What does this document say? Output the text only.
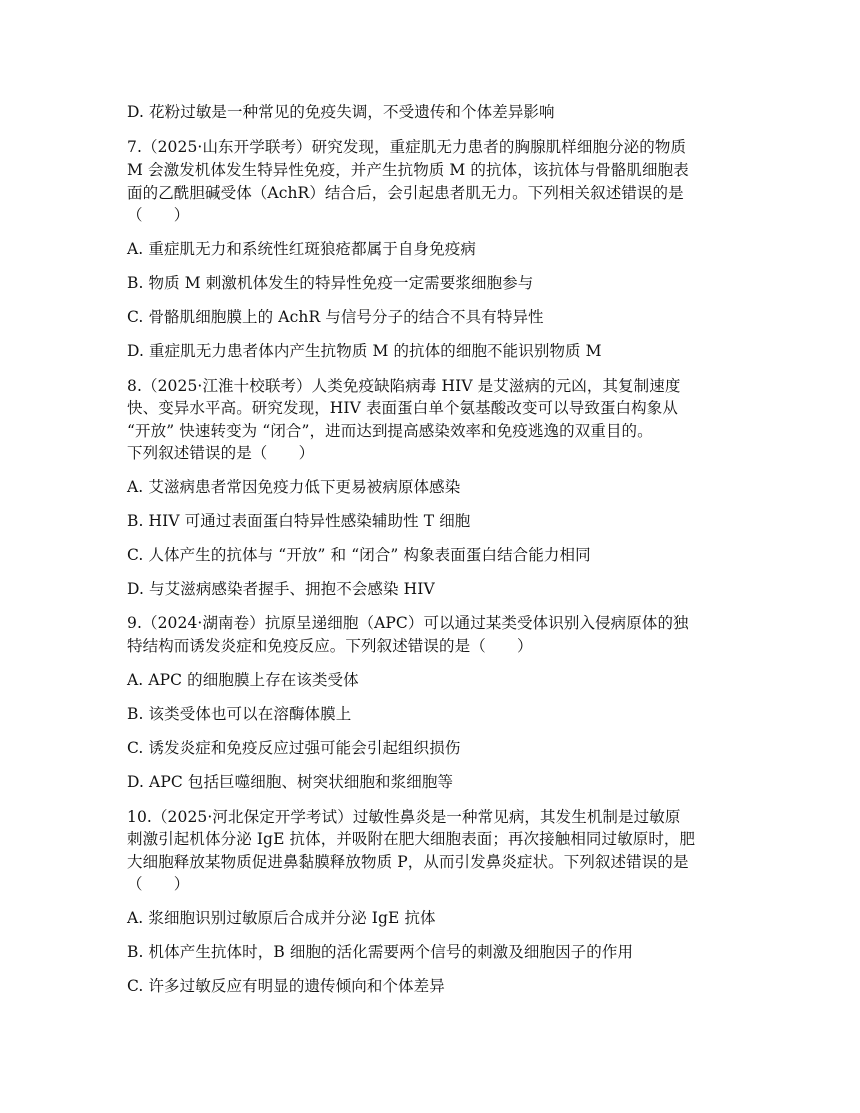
D. 花粉过敏是一种常见的免疫失调，不受遗传和个体差异影响
7.（2025·山东开学联考）研究发现，重症肌无力患者的胸腺肌样细胞分泌的物质
M 会激发机体发生特异性免疫，并产生抗物质 M 的抗体，该抗体与骨骼肌细胞表
面的乙酰胆碱受体（AchR）结合后，会引起患者肌无力。下列相关叙述错误的是
（　　）
A. 重症肌无力和系统性红斑狼疮都属于自身免疫病
B. 物质 M 刺激机体发生的特异性免疫一定需要浆细胞参与
C. 骨骼肌细胞膜上的 AchR 与信号分子的结合不具有特异性
D. 重症肌无力患者体内产生抗物质 M 的抗体的细胞不能识别物质 M
8.（2025·江淮十校联考）人类免疫缺陷病毒 HIV 是艾滋病的元凶，其复制速度
快、变异水平高。研究发现，HIV 表面蛋白单个氨基酸改变可以导致蛋白构象从
“开放” 快速转变为 “闭合”，进而达到提高感染效率和免疫逃逸的双重目的。
下列叙述错误的是（　　）
A. 艾滋病患者常因免疫力低下更易被病原体感染
B. HIV 可通过表面蛋白特异性感染辅助性 T 细胞
C. 人体产生的抗体与 “开放” 和 “闭合” 构象表面蛋白结合能力相同
D. 与艾滋病感染者握手、拥抱不会感染 HIV
9.（2024·湖南卷）抗原呈递细胞（APC）可以通过某类受体识别入侵病原体的独
特结构而诱发炎症和免疫反应。下列叙述错误的是（　　）
A. APC 的细胞膜上存在该类受体
B. 该类受体也可以在溶酶体膜上
C. 诱发炎症和免疫反应过强可能会引起组织损伤
D. APC 包括巨噬细胞、树突状细胞和浆细胞等
10.（2025·河北保定开学考试）过敏性鼻炎是一种常见病，其发生机制是过敏原
刺激引起机体分泌 IgE 抗体，并吸附在肥大细胞表面；再次接触相同过敏原时，肥
大细胞释放某物质促进鼻黏膜释放物质 P，从而引发鼻炎症状。下列叙述错误的是
（　　）
A. 浆细胞识别过敏原后合成并分泌 IgE 抗体
B. 机体产生抗体时，B 细胞的活化需要两个信号的刺激及细胞因子的作用
C. 许多过敏反应有明显的遗传倾向和个体差异
